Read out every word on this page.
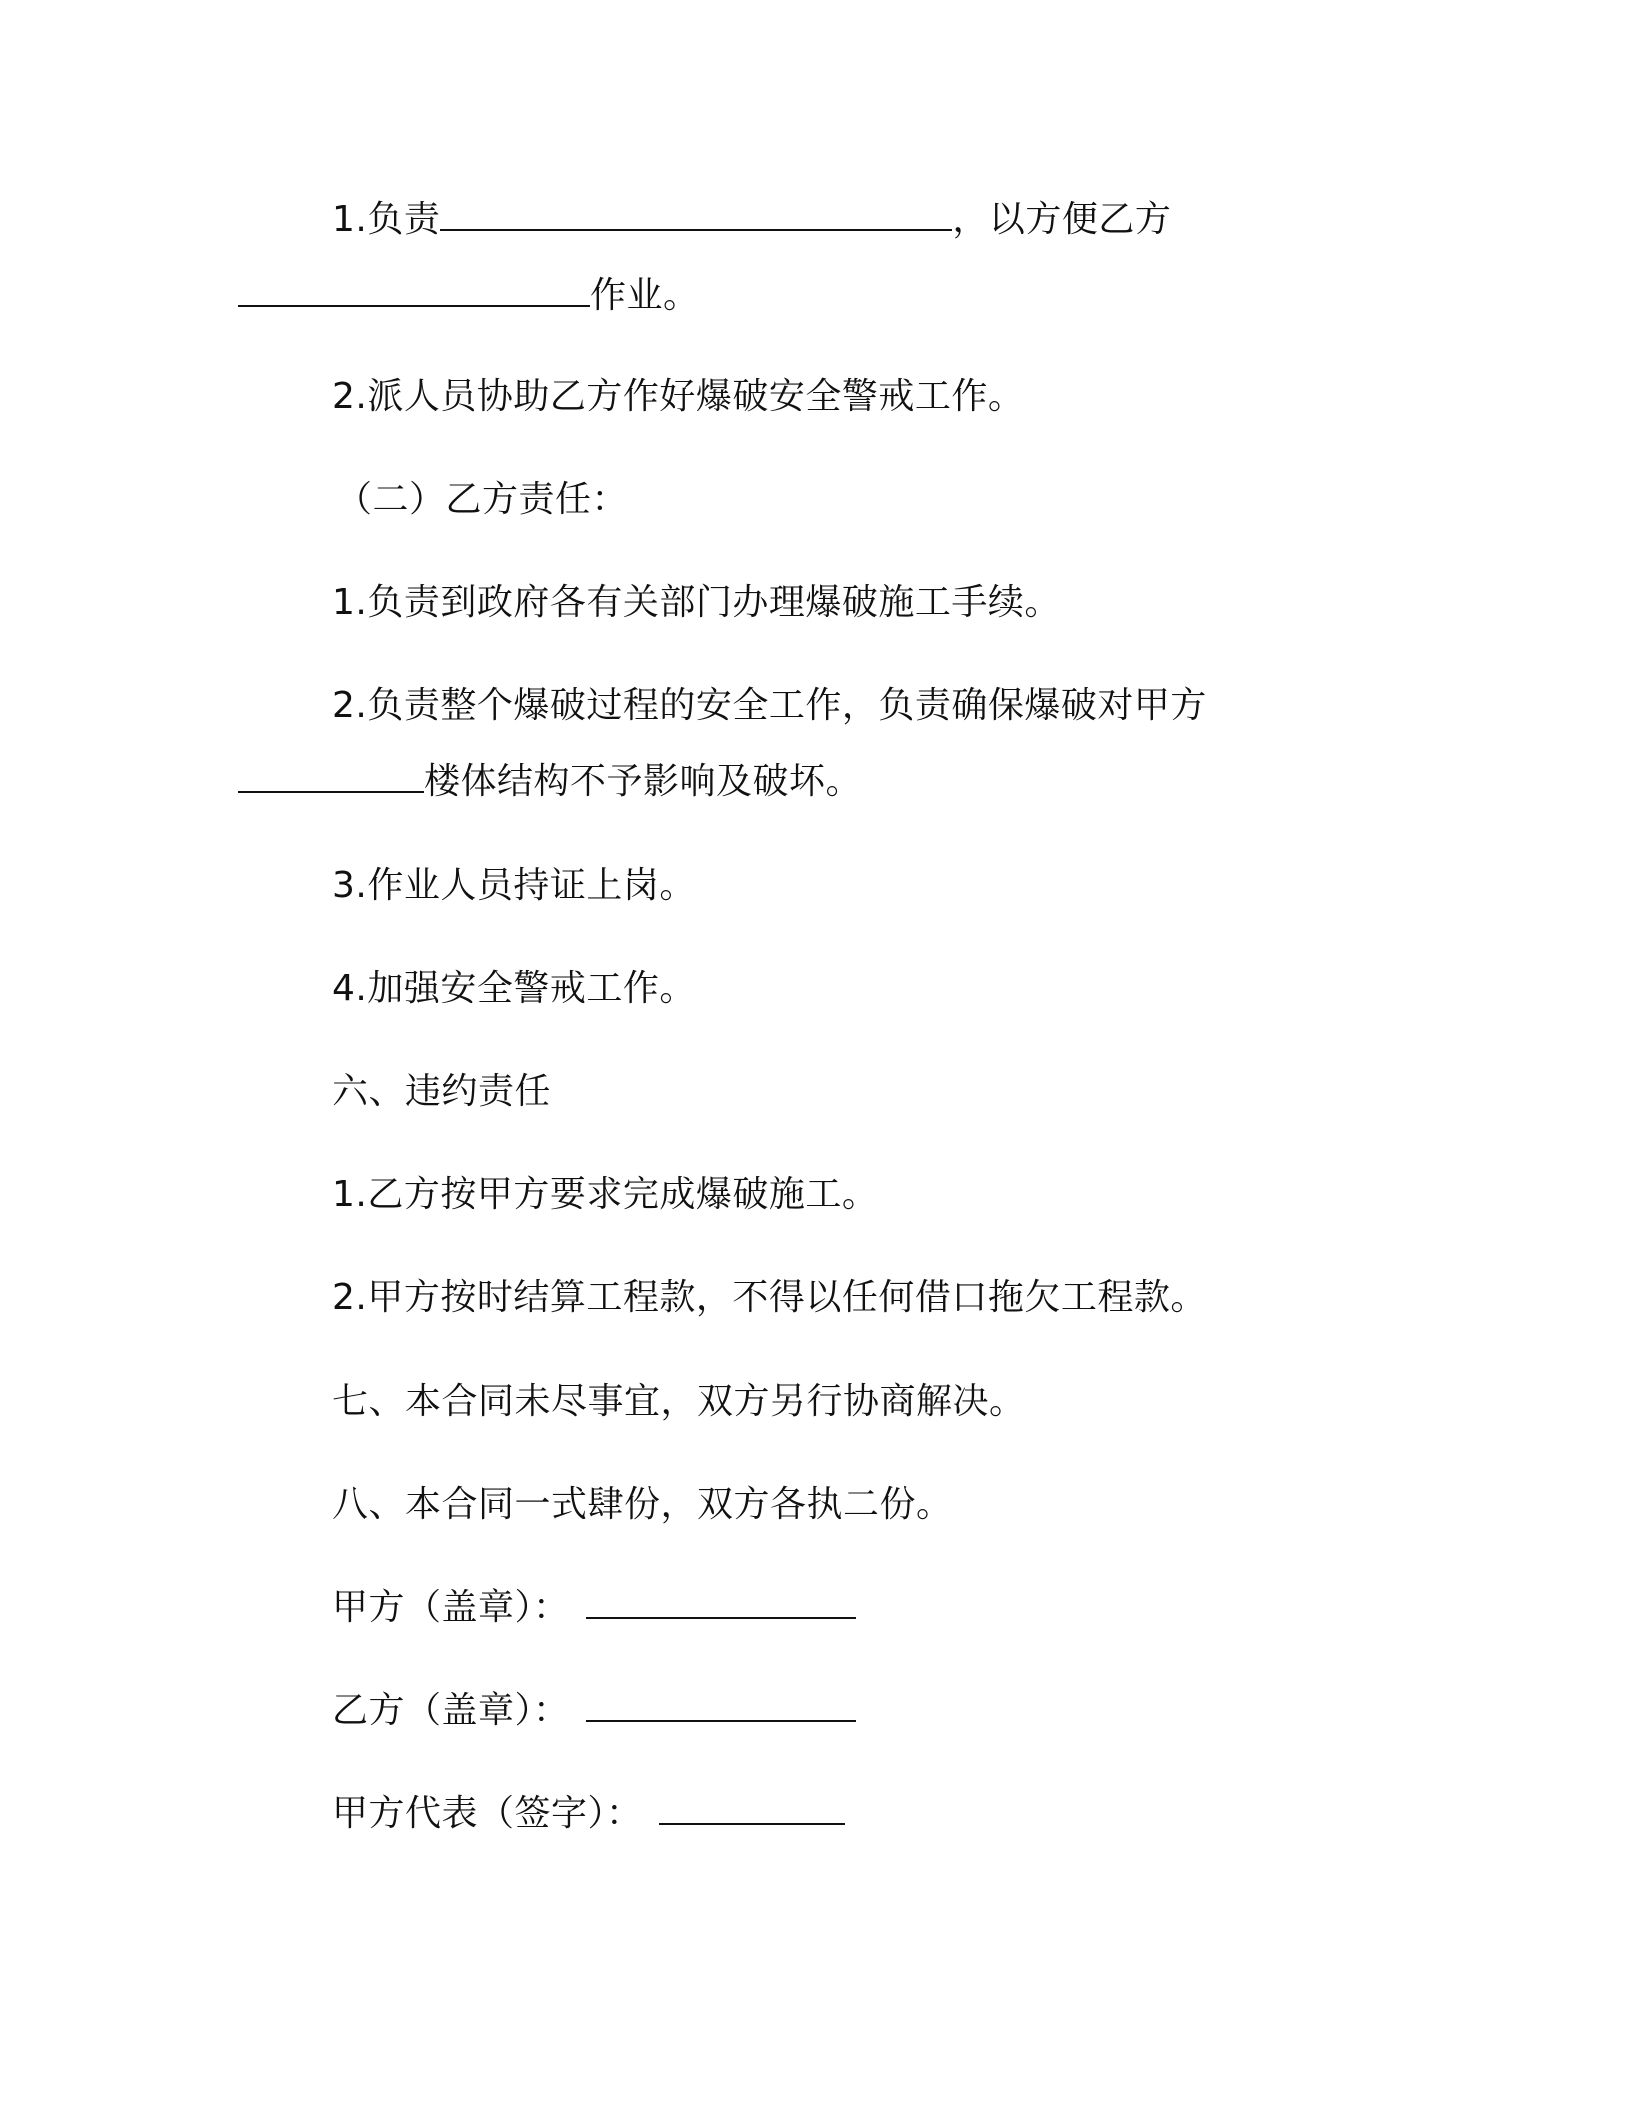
1.负责	，以方便乙方
作业。
2.派人员协助乙方作好爆破安全警戒工作。
（二）乙方责任：
1.负责到政府各有关部门办理爆破施工手续。
2.负责整个爆破过程的安全工作，负责确保爆破对甲方
楼体结构不予影响及破坏。
3.作业人员持证上岗。
4.加强安全警戒工作。
六、违约责任
1.乙方按甲方要求完成爆破施工。
2.甲方按时结算工程款，不得以任何借口拖欠工程款。
七、本合同未尽事宜，双方另行协商解决。
八、本合同一式肆份，双方各执二份。
甲方（盖章）：
乙方（盖章）：
甲方代表（签字）：
